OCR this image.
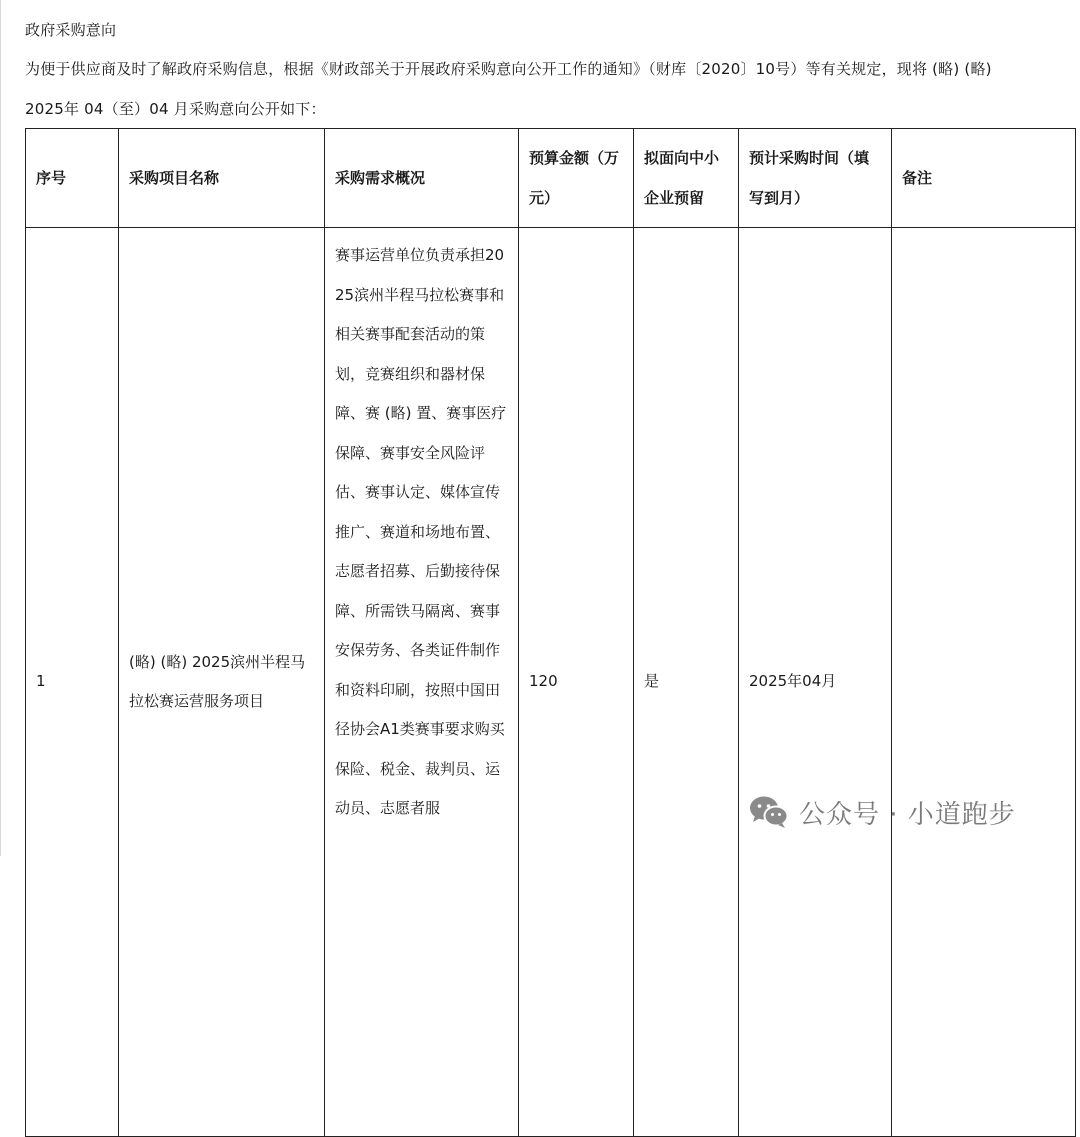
政府采购意向
为便于供应商及时了解政府采购信息，根据《财政部关于开展政府采购意向公开工作的通知》（财库〔2020〕10号）等有关规定，现将 (略) (略)
2025年 04（至）04 月采购意向公开如下：
序号	采购项目名称	采购需求概况	预算金额（万元）	拟面向中小企业预留	预计采购时间（填写到月）	备注

1	(略) (略) 2025滨州半程马拉松赛运营服务项目	赛事运营单位负责承担2025滨州半程马拉松赛事和相关赛事配套活动的策划，竞赛组织和器材保障、赛 (略) 置、赛事医疗保障、赛事安全风险评估、赛事认定、媒体宣传推广、赛道和场地布置、志愿者招募、后勤接待保障、所需铁马隔离、赛事安保劳务、各类证件制作和资料印刷，按照中国田径协会A1类赛事要求购买保险、税金、裁判员、运动员、志愿者服	120	是	2025年04月	

公众号 · 小道跑步
